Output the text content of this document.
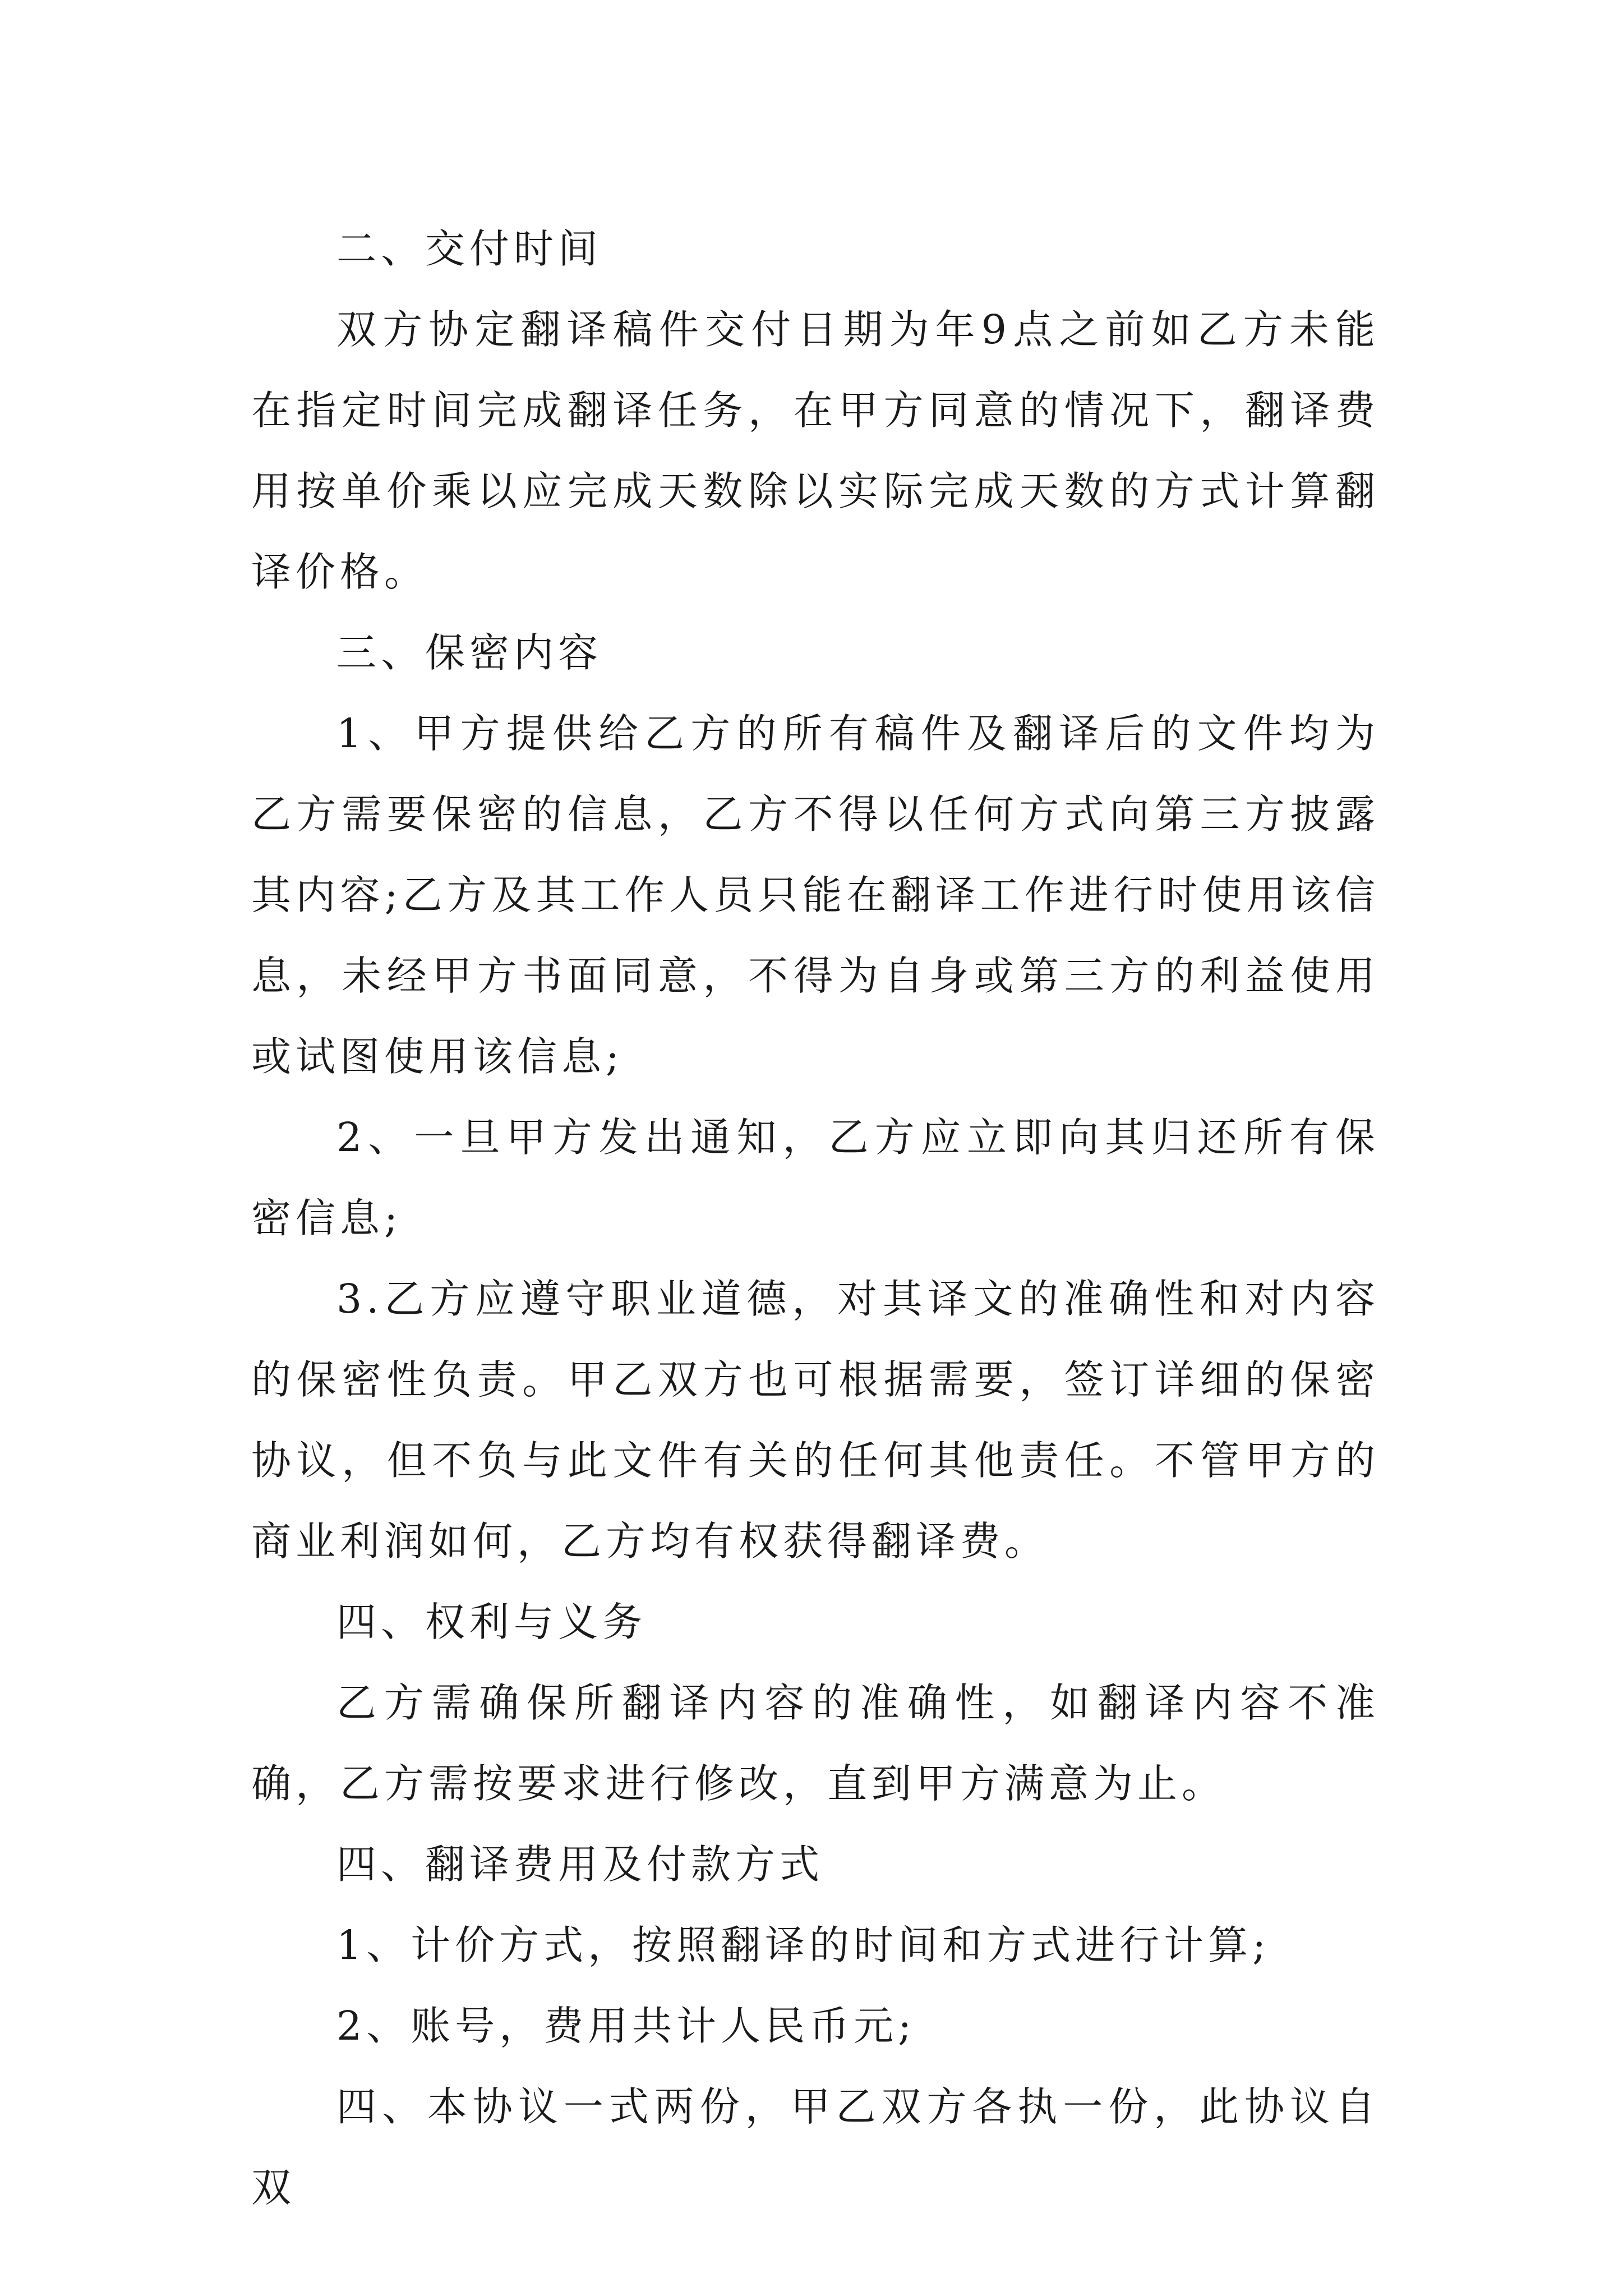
二、交付时间

双方协定翻译稿件交付日期为年9点之前如乙方未能在指定时间完成翻译任务，在甲方同意的情况下，翻译费用按单价乘以应完成天数除以实际完成天数的方式计算翻译价格。

三、保密内容

1、甲方提供给乙方的所有稿件及翻译后的文件均为乙方需要保密的信息，乙方不得以任何方式向第三方披露其内容;乙方及其工作人员只能在翻译工作进行时使用该信息，未经甲方书面同意，不得为自身或第三方的利益使用或试图使用该信息;

2、一旦甲方发出通知，乙方应立即向其归还所有保密信息;

3.乙方应遵守职业道德，对其译文的准确性和对内容的保密性负责。甲乙双方也可根据需要，签订详细的保密协议，但不负与此文件有关的任何其他责任。不管甲方的商业利润如何，乙方均有权获得翻译费。

四、权利与义务

乙方需确保所翻译内容的准确性，如翻译内容不准确，乙方需按要求进行修改，直到甲方满意为止。

四、翻译费用及付款方式

1、计价方式，按照翻译的时间和方式进行计算;

2、账号，费用共计人民币元;

四、本协议一式两份，甲乙双方各执一份，此协议自双
